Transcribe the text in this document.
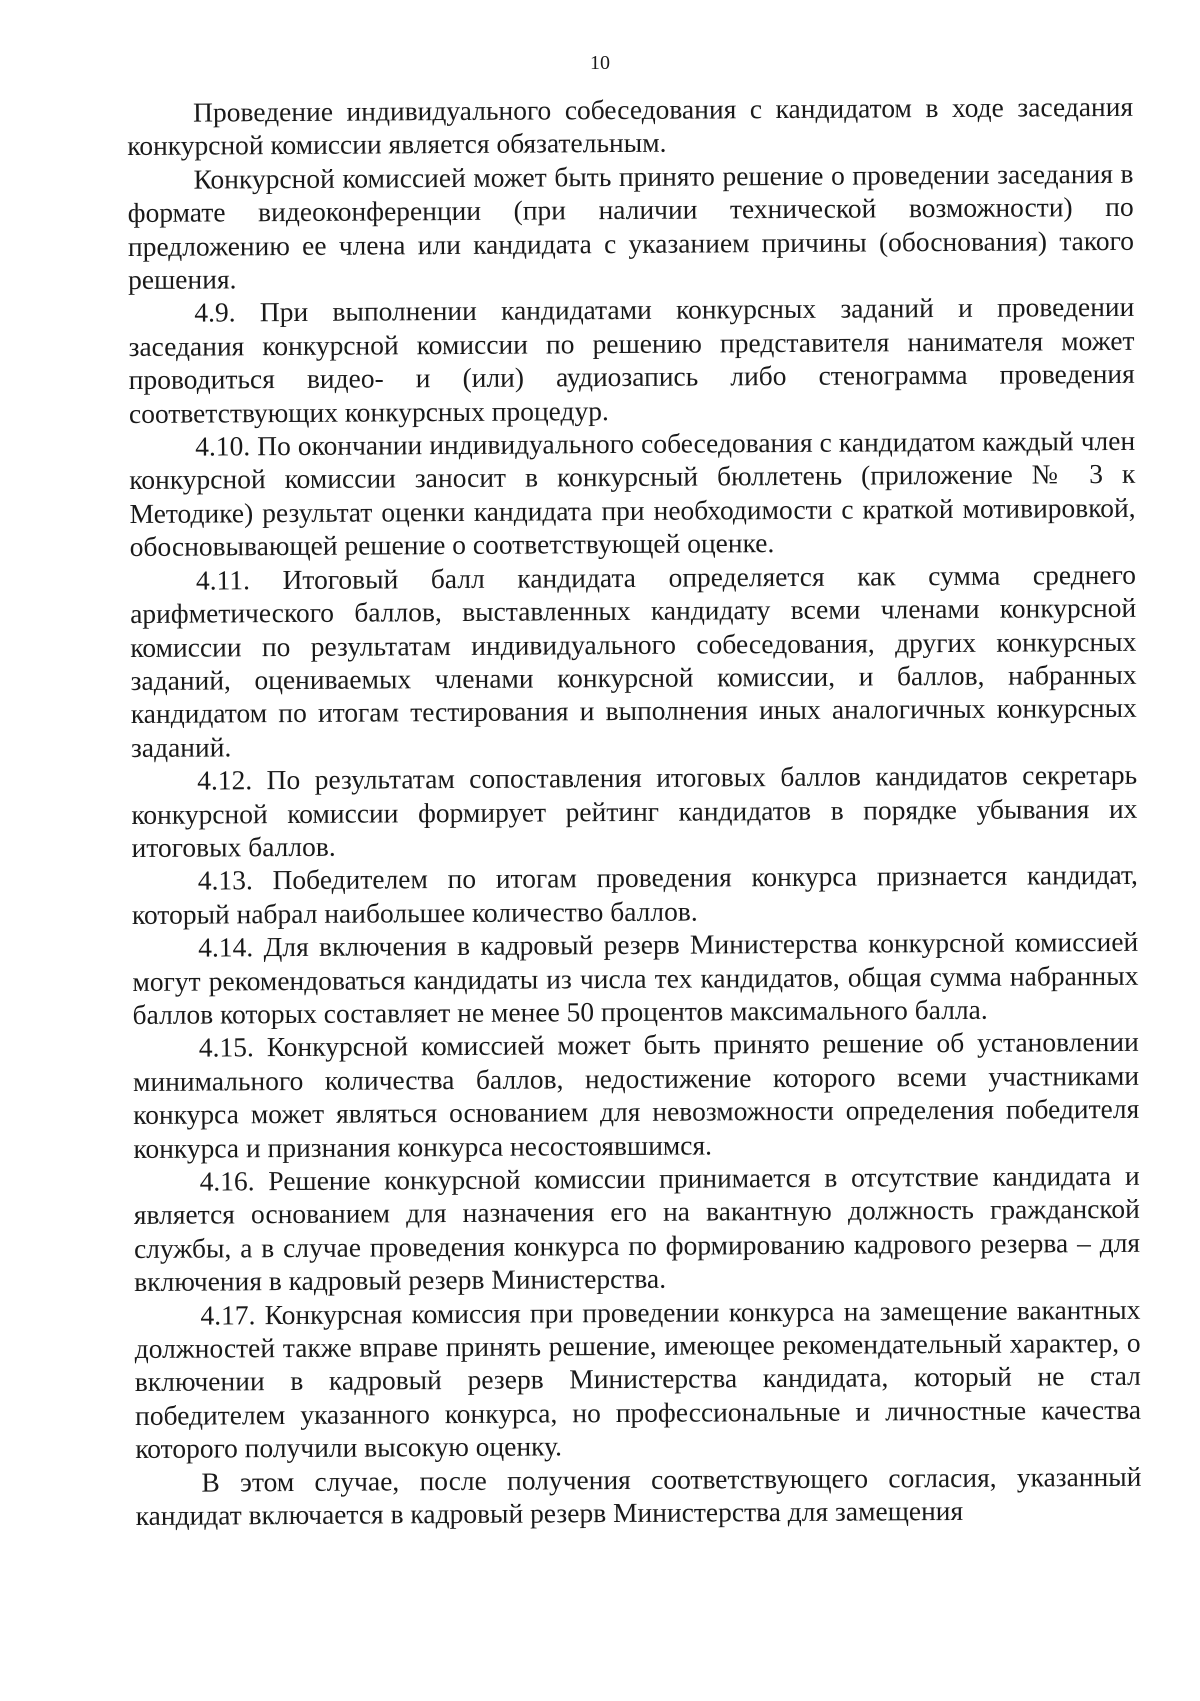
10

Проведение индивидуального собеседования с кандидатом в ходе заседания конкурсной комиссии является обязательным.

Конкурсной комиссией может быть принято решение о проведении заседания в формате видеоконференции (при наличии технической возможности) по предложению ее члена или кандидата с указанием причины (обоснования) такого решения.

4.9. При выполнении кандидатами конкурсных заданий и проведении заседания конкурсной комиссии по решению представителя нанимателя может проводиться видео- и (или) аудиозапись либо стенограмма проведения соответствующих конкурсных процедур.

4.10. По окончании индивидуального собеседования с кандидатом каждый член конкурсной комиссии заносит в конкурсный бюллетень (приложение № 3 к Методике) результат оценки кандидата при необходимости с краткой мотивировкой, обосновывающей решение о соответствующей оценке.

4.11. Итоговый балл кандидата определяется как сумма среднего арифметического баллов, выставленных кандидату всеми членами конкурсной комиссии по результатам индивидуального собеседования, других конкурсных заданий, оцениваемых членами конкурсной комиссии, и баллов, набранных кандидатом по итогам тестирования и выполнения иных аналогичных конкурсных заданий.

4.12. По результатам сопоставления итоговых баллов кандидатов секретарь конкурсной комиссии формирует рейтинг кандидатов в порядке убывания их итоговых баллов.

4.13. Победителем по итогам проведения конкурса признается кандидат, который набрал наибольшее количество баллов.

4.14. Для включения в кадровый резерв Министерства конкурсной комиссией могут рекомендоваться кандидаты из числа тех кандидатов, общая сумма набранных баллов которых составляет не менее 50 процентов максимального балла.

4.15. Конкурсной комиссией может быть принято решение об установлении минимального количества баллов, недостижение которого всеми участниками конкурса может являться основанием для невозможности определения победителя конкурса и признания конкурса несостоявшимся.

4.16. Решение конкурсной комиссии принимается в отсутствие кандидата и является основанием для назначения его на вакантную должность гражданской службы, а в случае проведения конкурса по формированию кадрового резерва – для включения в кадровый резерв Министерства.

4.17. Конкурсная комиссия при проведении конкурса на замещение вакантных должностей также вправе принять решение, имеющее рекомендательный характер, о включении в кадровый резерв Министерства кандидата, который не стал победителем указанного конкурса, но профессиональные и личностные качества которого получили высокую оценку.

В этом случае, после получения соответствующего согласия, указанный кандидат включается в кадровый резерв Министерства для замещения
